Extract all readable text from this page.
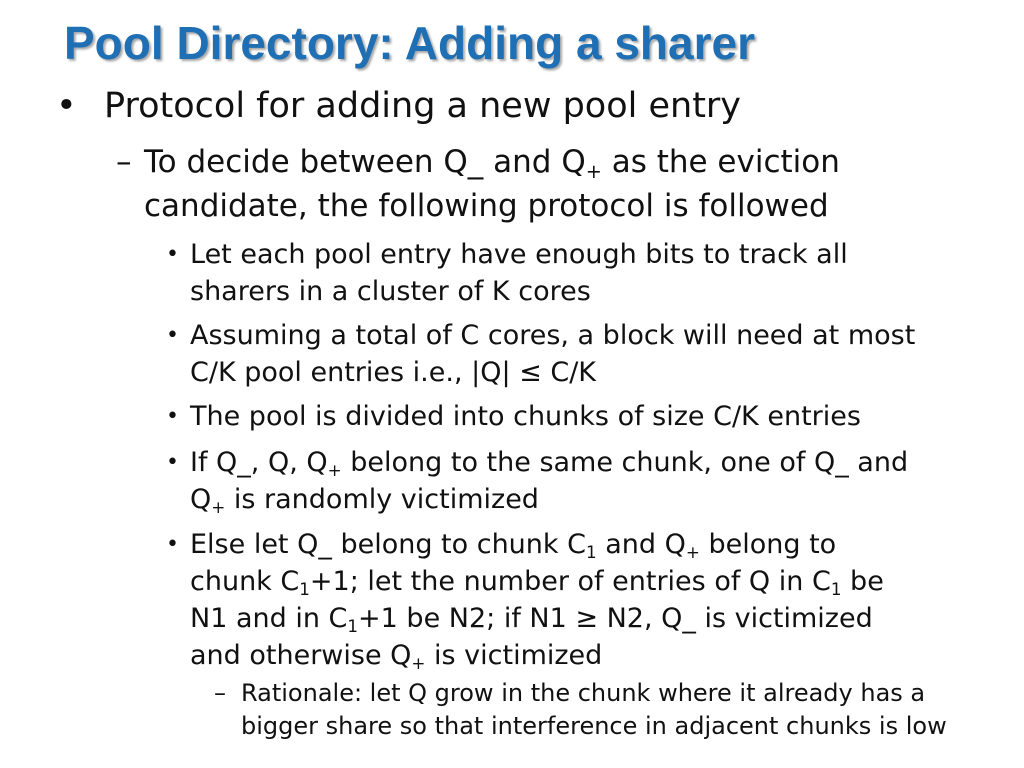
Pool Directory: Adding a sharer
• Protocol for adding a new pool entry
– To decide between Q_ and $Q_+$ as the eviction
candidate, the following protocol is followed
• Let each pool entry have enough bits to track all
sharers in a cluster of K cores
• Assuming a total of C cores, a block will need at most
C/K pool entries i.e., |Q| ≤ C/K
• The pool is divided into chunks of size C/K entries
• If Q_, Q, $Q_+$ belong to the same chunk, one of Q_ and
$Q_+$ is randomly victimized
• Else let Q_ belong to chunk $C_1$ and $Q_+$ belong to
chunk $C_1+1$; let the number of entries of Q in $C_1$ be
N1 and in $C_1+1$ be N2; if N1 ≥ N2, Q_ is victimized
and otherwise $Q_+$ is victimized
– Rationale: let Q grow in the chunk where it already has a
bigger share so that interference in adjacent chunks is low
